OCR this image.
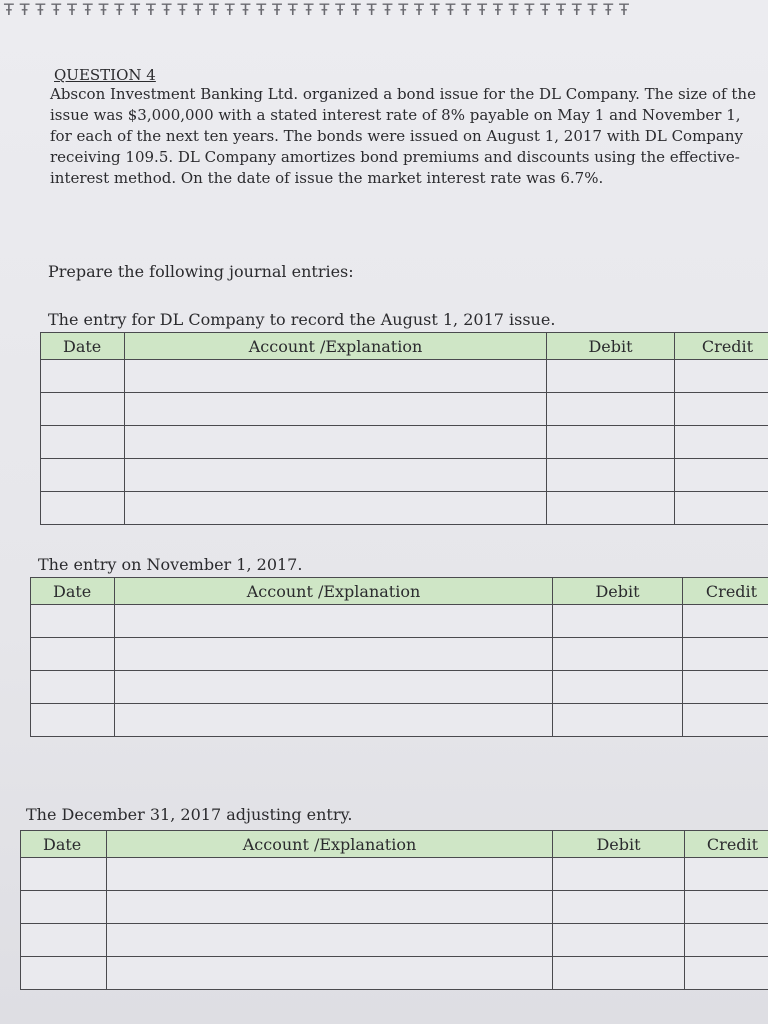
ŦŦŦŦŦŦŦŦŦŦŦŦŦŦŦŦŦŦŦŦŦŦŦŦŦŦŦŦŦŦŦŦŦŦŦŦŦŦŦŦ
QUESTION 4

Abscon Investment Banking Ltd. organized a bond issue for the DL Company. The size of the issue was $3,000,000 with a stated interest rate of 8% payable on May 1 and November 1, for each of the next ten years. The bonds were issued on August 1, 2017 with DL Company receiving 109.5. DL Company amortizes bond premiums and discounts using the effective-interest method. On the date of issue the market interest rate was 6.7%.

Prepare the following journal entries:

The entry for DL Company to record the August 1, 2017 issue.

Date	Account /Explanation	Debit	Credit

The entry on November 1, 2017.

Date	Account /Explanation	Debit	Credit

The December 31, 2017 adjusting entry.

Date	Account /Explanation	Debit	Credit
